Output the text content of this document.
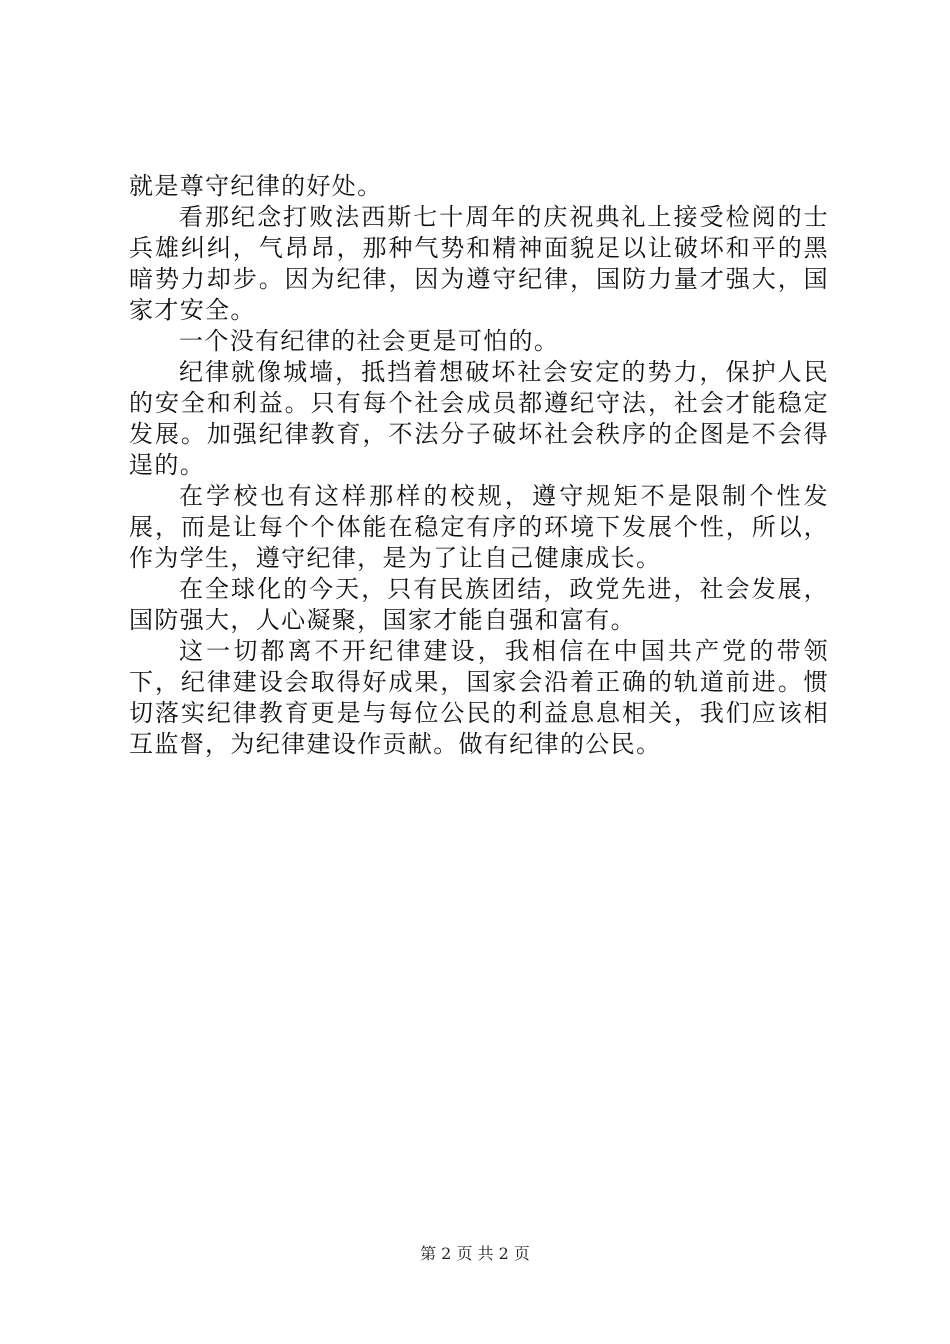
就是尊守纪律的好处。

看那纪念打败法西斯七十周年的庆祝典礼上接受检阅的士兵雄纠纠，气昂昂，那种气势和精神面貌足以让破坏和平的黑暗势力却步。因为纪律，因为遵守纪律，国防力量才强大，国家才安全。

一个没有纪律的社会更是可怕的。

纪律就像城墙，抵挡着想破坏社会安定的势力，保护人民的安全和利益。只有每个社会成员都遵纪守法，社会才能稳定发展。加强纪律教育，不法分子破坏社会秩序的企图是不会得逞的。

在学校也有这样那样的校规，遵守规矩不是限制个性发展，而是让每个个体能在稳定有序的环境下发展个性，所以，作为学生，遵守纪律，是为了让自己健康成长。

在全球化的今天，只有民族团结，政党先进，社会发展，国防强大，人心凝聚，国家才能自强和富有。

这一切都离不开纪律建设，我相信在中国共产党的带领下，纪律建设会取得好成果，国家会沿着正确的轨道前进。惯切落实纪律教育更是与每位公民的利益息息相关，我们应该相互监督，为纪律建设作贡献。做有纪律的公民。

第 2 页 共 2 页
